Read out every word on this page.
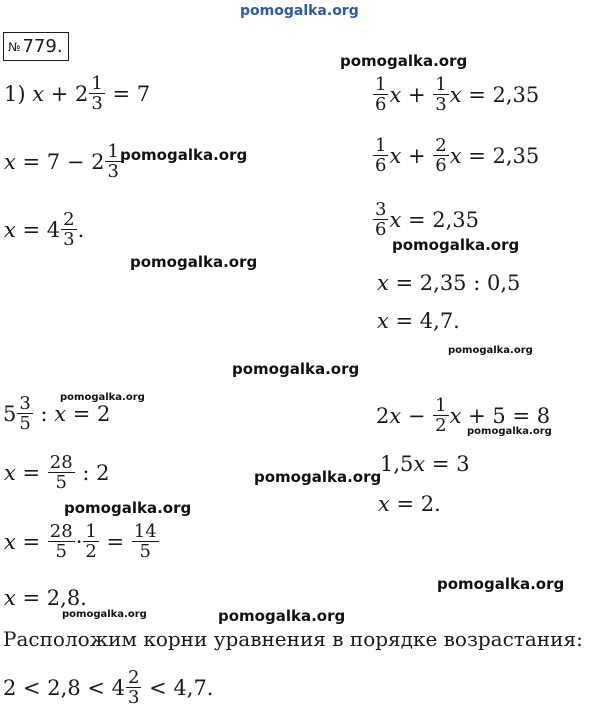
pomogalka.org
№ 779.
pomogalka.org
1) $x + 2 \frac{1}{3} = 7$
$x = 7 - 2 \frac{1}{3}$ pomogalka.org
$x = 4 \frac{2}{3}$ .
pomogalka.org
$\frac{1}{6}$ $x + \frac{1}{3}$ x = 2,35
$\frac{1}{6}$ $x + \frac{2}{6}$ x = 2,35
$\frac{3}{6}$ x = 2,35
pomogalka.org
x = 2,35 : 0,5
x = 4,7.
pomogalka.org
pomogalka.org
$5 \frac{3}{5}$ : x = 2
pomogalka.org
$x = \frac{28}{5}$ : 2	pomogalka.org
pomogalka.org
$x = \frac{28}{5} \cdot \frac{1}{2} = \frac{14}{5}$
x = 2,8.
pomogalka.org
$2x - \frac{1}{2}$ x + 5 = 8
pomogalka.org
1,5x = 3
x = 2.
pomogalka.org
pomogalka.org
Расположим корни уравнения в порядке возрастания:
$2 < 2,8 < 4 \frac{2}{3} < 4,7$.
